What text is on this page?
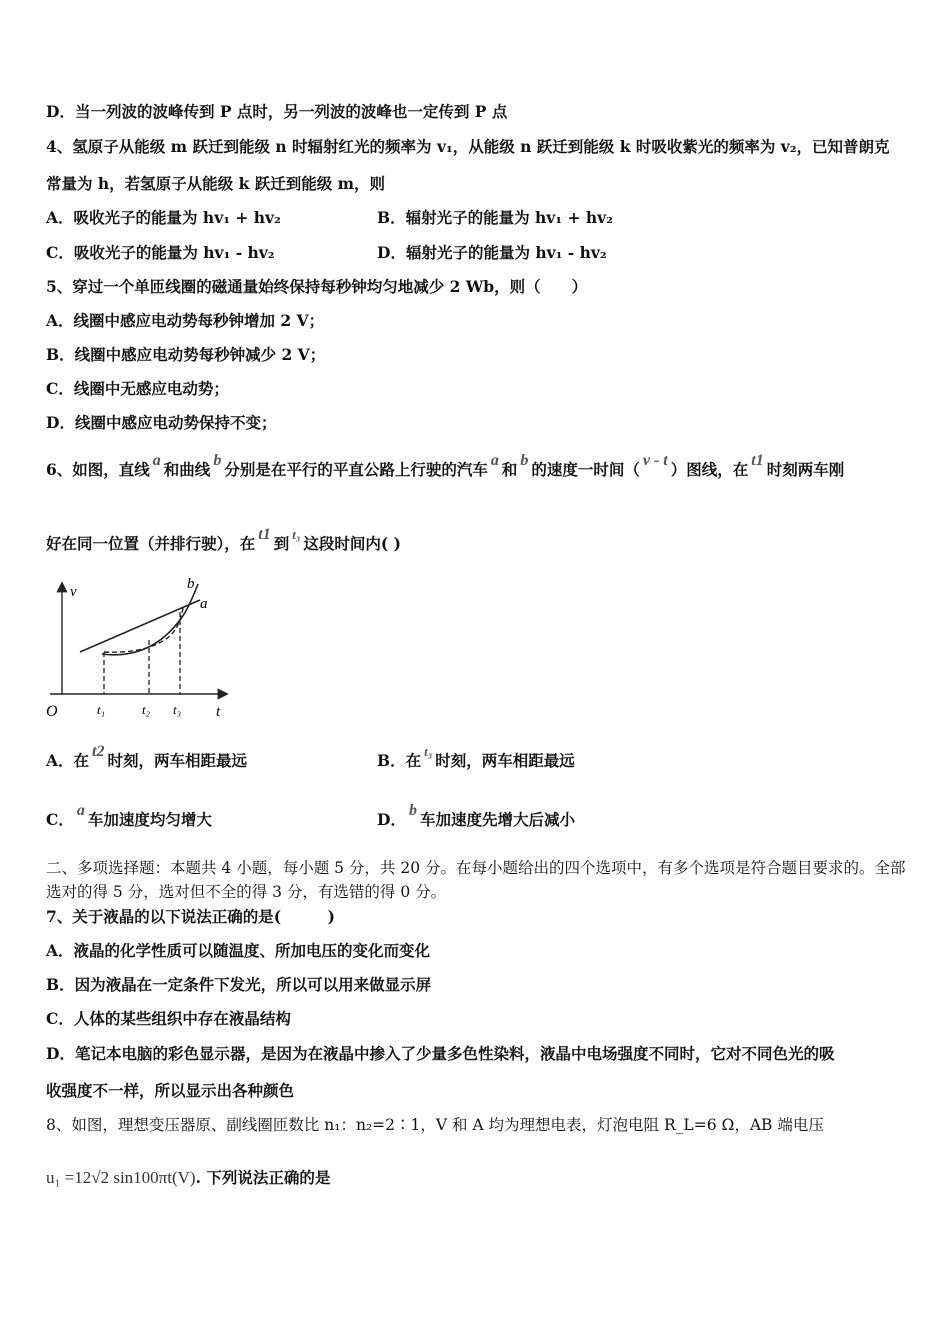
D．当一列波的波峰传到 P 点时，另一列波的波峰也一定传到 P 点
4、氢原子从能级 m 跃迁到能级 n 时辐射红光的频率为 v₁，从能级 n 跃迁到能级 k 时吸收紫光的频率为 v₂，已知普朗克
常量为 h，若氢原子从能级 k 跃迁到能级 m，则
A．吸收光子的能量为 hv₁ + hv₂	B．辐射光子的能量为 hv₁ + hv₂
C．吸收光子的能量为 hv₁ - hv₂	D．辐射光子的能量为 hv₁ - hv₂
5、穿过一个单匝线圈的磁通量始终保持每秒钟均匀地减少 2 Wb，则（　　）
A．线圈中感应电动势每秒钟增加 2 V；
B．线圈中感应电动势每秒钟减少 2 V；
C．线圈中无感应电动势；
D．线圈中感应电动势保持不变；
6、如图，直线 a 和曲线 b 分别是在平行的平直公路上行驶的汽车 a 和 b 的速度一时间（ v - t ）图线，在 t1 时刻两车刚
好在同一位置（并排行驶），在 t1 到 $^{t_3}$ 这段时间内( )
v
t
O
a
b
t₁	t₂ t₃
A．在 t2 时刻，两车相距最远	B．在 $^{t_3}$ 时刻，两车相距最远
C． a 车加速度均匀增大	D． b 车加速度先增大后减小
二、多项选择题：本题共 4 小题，每小题 5 分，共 20 分。在每小题给出的四个选项中，有多个选项是符合题目要求的。全部选对的得 5 分，选对但不全的得 3 分，有选错的得 0 分。
7、关于液晶的以下说法正确的是(　　　)
A．液晶的化学性质可以随温度、所加电压的变化而变化
B．因为液晶在一定条件下发光，所以可以用来做显示屏
C．人体的某些组织中存在液晶结构
D．笔记本电脑的彩色显示器，是因为在液晶中掺入了少量多色性染料，液晶中电场强度不同时，它对不同色光的吸
收强度不一样，所以显示出各种颜色
8、如图，理想变压器原、副线圈匝数比 n₁：n₂=2∶1，V 和 A 均为理想电表，灯泡电阻 R_L=6 Ω，AB 端电压
u₁ =12√2 sin100πt(V). 下列说法正确的是
